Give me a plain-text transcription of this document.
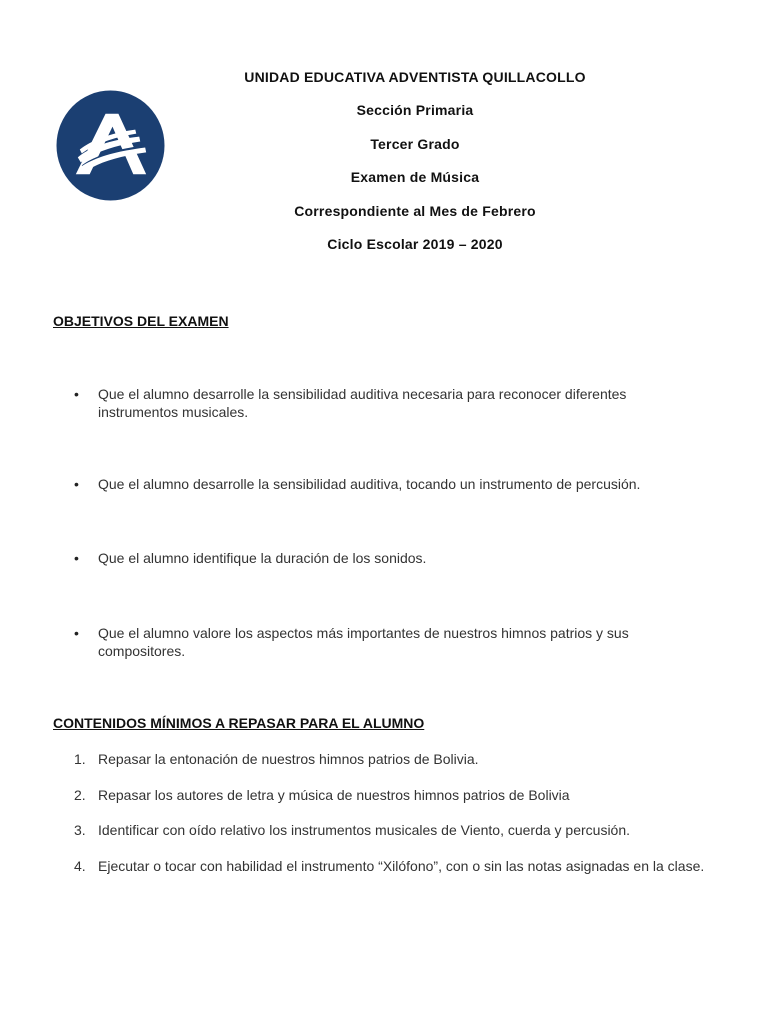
UNIDAD EDUCATIVA ADVENTISTA QUILLACOLLO
Sección Primaria
Tercer Grado
Examen de Música
Correspondiente al Mes de Febrero
Ciclo Escolar 2019 – 2020
OBJETIVOS DEL EXAMEN
•	Que el alumno desarrolle la sensibilidad auditiva necesaria para reconocer diferentes instrumentos musicales.
•	Que el alumno desarrolle la sensibilidad auditiva, tocando un instrumento de percusión.
•	Que el alumno identifique la duración de los sonidos.
•	Que el alumno valore los aspectos más importantes de nuestros himnos patrios y sus compositores.
CONTENIDOS MÍNIMOS A REPASAR PARA EL ALUMNO
1. Repasar la entonación de nuestros himnos patrios de Bolivia.
2. Repasar los autores de letra y música de nuestros himnos patrios de Bolivia
3. Identificar con oído relativo los instrumentos musicales de Viento, cuerda y percusión.
4. Ejecutar o tocar con habilidad el instrumento “Xilófono”, con o sin las notas asignadas en la clase.
